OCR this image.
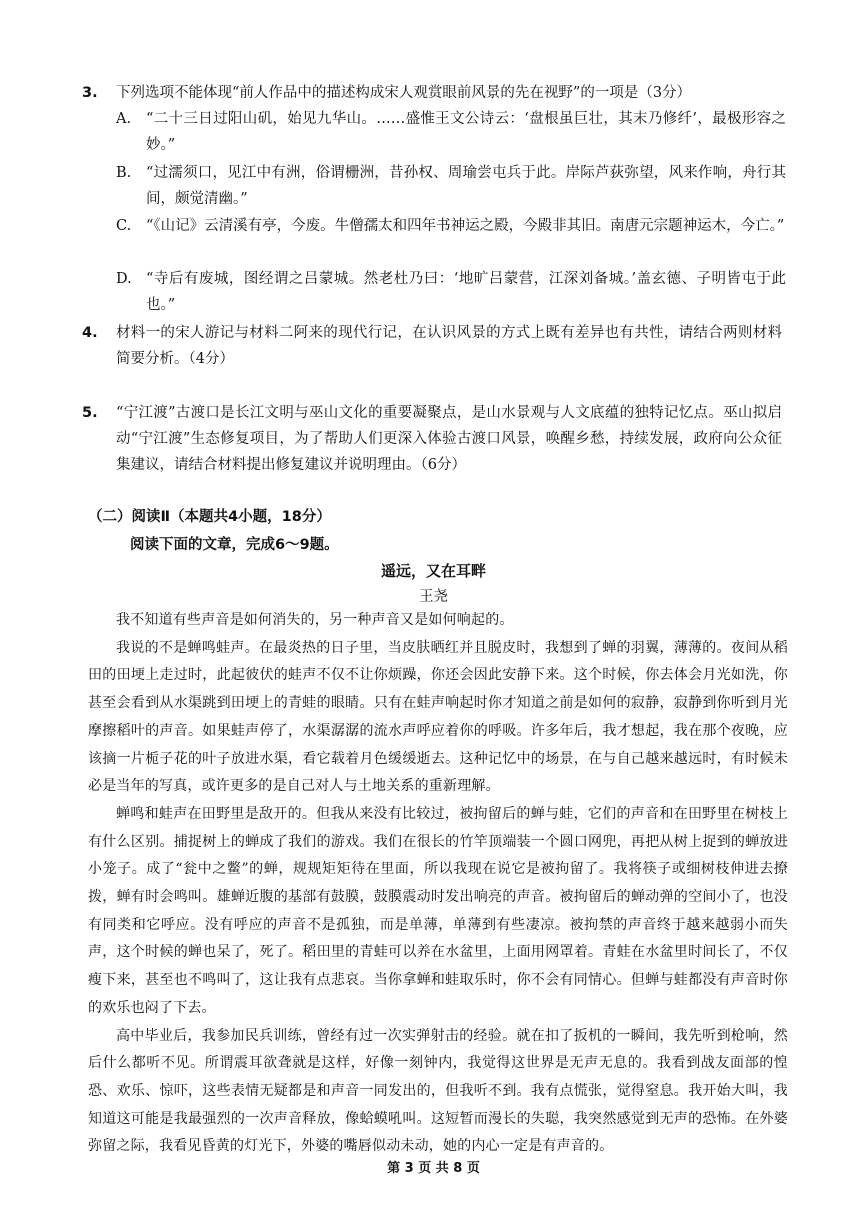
3. 下列选项不能体现“前人作品中的描述构成宋人观赏眼前风景的先在视野”的一项是（3分）
A. “二十三日过阳山矶，始见九华山。……盛惟王文公诗云：‘盘根虽巨壮，其末乃修纤’，最极形容之妙。”
B. “过濡须口，见江中有洲，俗谓栅洲，昔孙权、周瑜尝屯兵于此。岸际芦荻弥望，风来作响，舟行其间，颇觉清幽。”
C. “《山记》云清溪有亭，今废。牛僧孺太和四年书神运之殿，今殿非其旧。南唐元宗题神运木，今亡。”
D. “寺后有废城，图经谓之吕蒙城。然老杜乃曰：‘地旷吕蒙营，江深刘备城。’盖玄德、子明皆屯于此也。”
4. 材料一的宋人游记与材料二阿来的现代行记，在认识风景的方式上既有差异也有共性，请结合两则材料简要分析。（4分）
5. “宁江渡”古渡口是长江文明与巫山文化的重要凝聚点，是山水景观与人文底蕴的独特记忆点。巫山拟启动“宁江渡”生态修复项目，为了帮助人们更深入体验古渡口风景，唤醒乡愁，持续发展，政府向公众征集建议，请结合材料提出修复建议并说明理由。（6分）
（二）阅读Ⅱ（本题共4小题，18分）
阅读下面的文章，完成6～9题。
遥远，又在耳畔
王尧

我不知道有些声音是如何消失的，另一种声音又是如何响起的。

我说的不是蝉鸣蛙声。在最炎热的日子里，当皮肤晒红并且脱皮时，我想到了蝉的羽翼，薄薄的。夜间从稻田的田埂上走过时，此起彼伏的蛙声不仅不让你烦躁，你还会因此安静下来。这个时候，你去体会月光如洗，你甚至会看到从水渠跳到田埂上的青蛙的眼睛。只有在蛙声响起时你才知道之前是如何的寂静，寂静到你听到月光摩擦稻叶的声音。如果蛙声停了，水渠潺潺的流水声呼应着你的呼吸。许多年后，我才想起，我在那个夜晚，应该摘一片栀子花的叶子放进水渠，看它载着月色缓缓逝去。这种记忆中的场景，在与自己越来越远时，有时候未必是当年的写真，或许更多的是自己对人与土地关系的重新理解。

蝉鸣和蛙声在田野里是敌开的。但我从来没有比较过，被拘留后的蝉与蛙，它们的声音和在田野里在树枝上有什么区别。捕捉树上的蝉成了我们的游戏。我们在很长的竹竿顶端装一个圆口网兜，再把从树上捉到的蝉放进小笼子。成了“瓮中之鳖”的蝉，规规矩矩待在里面，所以我现在说它是被拘留了。我将筷子或细树枝伸进去撩拨，蝉有时会鸣叫。雄蝉近腹的基部有鼓膜，鼓膜震动时发出响亮的声音。被拘留后的蝉动弹的空间小了，也没有同类和它呼应。没有呼应的声音不是孤独，而是单薄，单薄到有些凄凉。被拘禁的声音终于越来越弱小而失声，这个时候的蝉也呆了，死了。稻田里的青蛙可以养在水盆里，上面用网罩着。青蛙在水盆里时间长了，不仅瘦下来，甚至也不鸣叫了，这让我有点悲哀。当你拿蝉和蛙取乐时，你不会有同情心。但蝉与蛙都没有声音时你的欢乐也闷了下去。

高中毕业后，我参加民兵训练，曾经有过一次实弹射击的经验。就在扣了扳机的一瞬间，我先听到枪响，然后什么都听不见。所谓震耳欲聋就是这样，好像一刻钟内，我觉得这世界是无声无息的。我看到战友面部的惶恐、欢乐、惊吓，这些表情无疑都是和声音一同发出的，但我听不到。我有点慌张，觉得窒息。我开始大叫，我知道这可能是我最强烈的一次声音释放，像蛤蟆吼叫。这短暂而漫长的失聪，我突然感觉到无声的恐怖。在外婆弥留之际，我看见昏黄的灯光下，外婆的嘴唇似动未动，她的内心一定是有声音的。

第 3 页 共 8 页
